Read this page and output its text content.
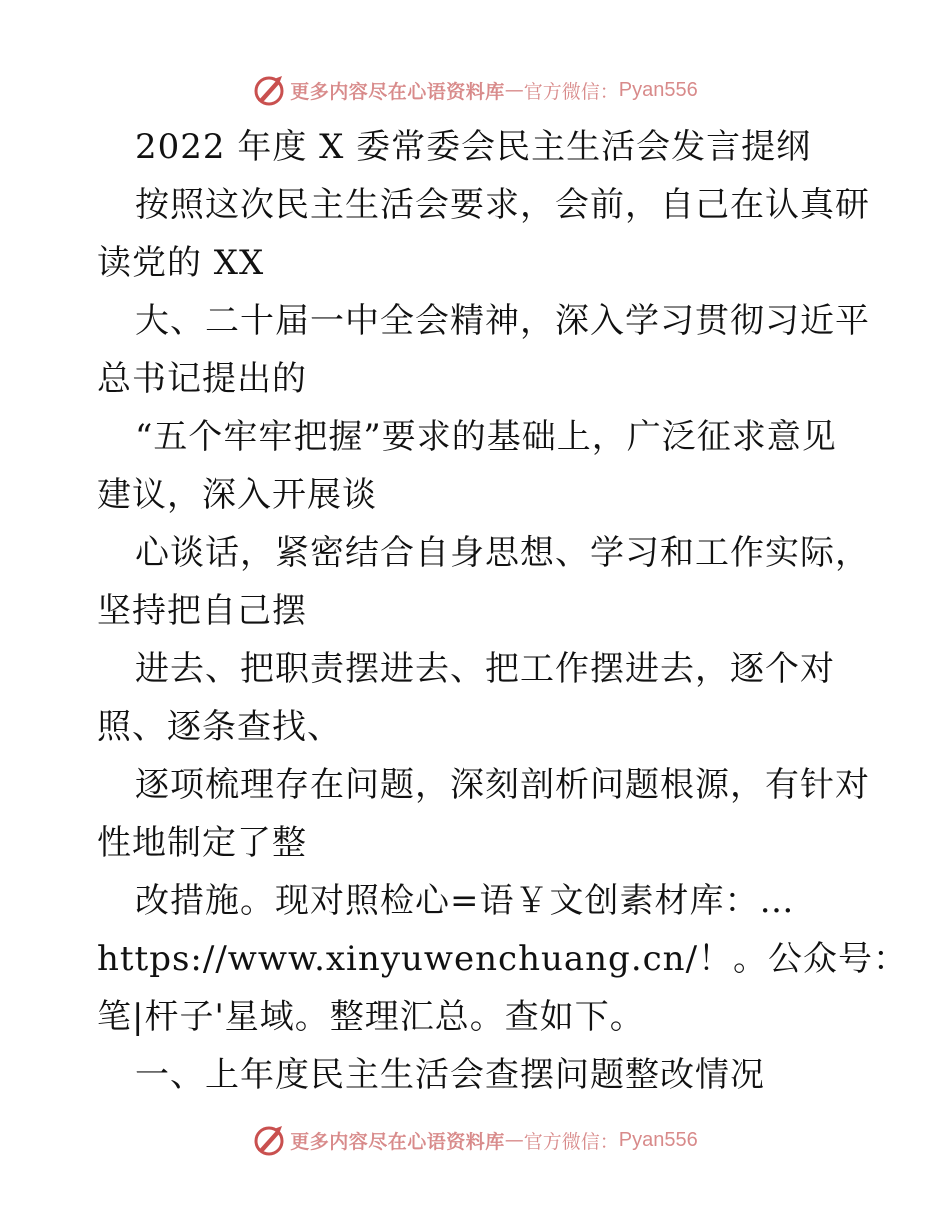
更多内容尽在心语资料库 — 官方微信： Pyan556
2022 年度 X 委常委会民主生活会发言提纲
按照这次民主生活会要求，会前，自己在认真研
读党的 XX
大、二十届一中全会精神，深入学习贯彻习近平
总书记提出的
“五个牢牢把握”要求的基础上，广泛征求意见
建议，深入开展谈
心谈话，紧密结合自身思想、学习和工作实际，
坚持把自己摆
进去、把职责摆进去、把工作摆进去，逐个对
照、逐条查找、
逐项梳理存在问题，深刻剖析问题根源，有针对
性地制定了整
改措施。现对照检心=语￥文创素材库：…
https://www.xinyuwenchuang.cn/！。公众号：
笔|杆子'星域。整理汇总。查如下。
一、上年度民主生活会查摆问题整改情况
更多内容尽在心语资料库 — 官方微信： Pyan556
